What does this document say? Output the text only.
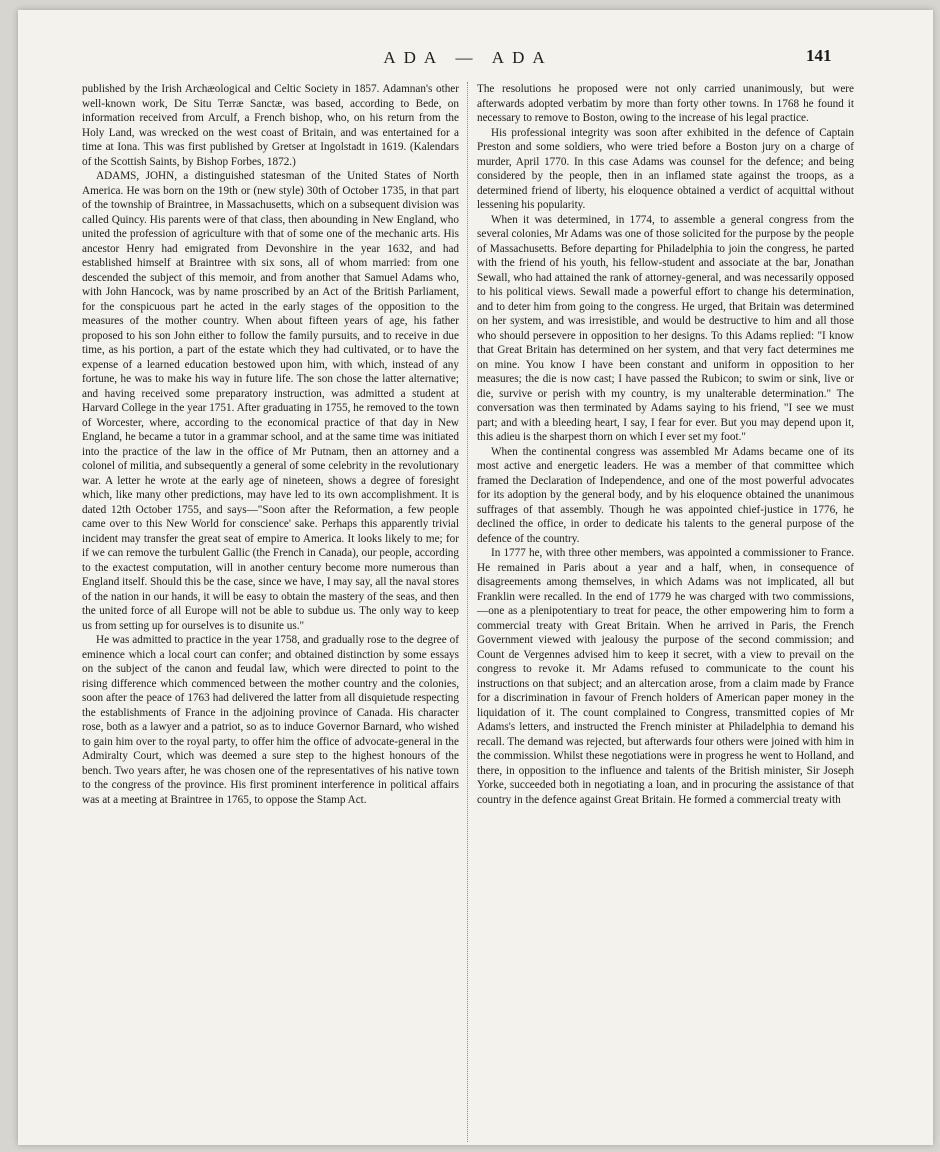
ADA — ADA	141

published by the Irish Archæological and Celtic Society in 1857. Adamnan's other well-known work, De Situ Terræ Sanctæ, was based, according to Bede, on information received from Arculf, a French bishop, who, on his return from the Holy Land, was wrecked on the west coast of Britain, and was entertained for a time at Iona. This was first published by Gretser at Ingolstadt in 1619. (Kalendars of the Scottish Saints, by Bishop Forbes, 1872.)

ADAMS, JOHN, a distinguished statesman of the United States of North America. He was born on the 19th or (new style) 30th of October 1735, in that part of the township of Braintree, in Massachusetts, which on a subsequent division was called Quincy. His parents were of that class, then abounding in New England, who united the profession of agriculture with that of some one of the mechanic arts. His ancestor Henry had emigrated from Devonshire in the year 1632, and had established himself at Braintree with six sons, all of whom married: from one descended the subject of this memoir, and from another that Samuel Adams who, with John Hancock, was by name proscribed by an Act of the British Parliament, for the conspicuous part he acted in the early stages of the opposition to the measures of the mother country. When about fifteen years of age, his father proposed to his son John either to follow the family pursuits, and to receive in due time, as his portion, a part of the estate which they had cultivated, or to have the expense of a learned education bestowed upon him, with which, instead of any fortune, he was to make his way in future life. The son chose the latter alternative; and having received some preparatory instruction, was admitted a student at Harvard College in the year 1751. After graduating in 1755, he removed to the town of Worcester, where, according to the economical practice of that day in New England, he became a tutor in a grammar school, and at the same time was initiated into the practice of the law in the office of Mr Putnam, then an attorney and a colonel of militia, and subsequently a general of some celebrity in the revolutionary war. A letter he wrote at the early age of nineteen, shows a degree of foresight which, like many other predictions, may have led to its own accomplishment. It is dated 12th October 1755, and says—"Soon after the Reformation, a few people came over to this New World for conscience' sake. Perhaps this apparently trivial incident may transfer the great seat of empire to America. It looks likely to me; for if we can remove the turbulent Gallic (the French in Canada), our people, according to the exactest computation, will in another century become more numerous than England itself. Should this be the case, since we have, I may say, all the naval stores of the nation in our hands, it will be easy to obtain the mastery of the seas, and then the united force of all Europe will not be able to subdue us. The only way to keep us from setting up for ourselves is to disunite us."

He was admitted to practice in the year 1758, and gradually rose to the degree of eminence which a local court can confer; and obtained distinction by some essays on the subject of the canon and feudal law, which were directed to point to the rising difference which commenced between the mother country and the colonies, soon after the peace of 1763 had delivered the latter from all disquietude respecting the establishments of France in the adjoining province of Canada. His character rose, both as a lawyer and a patriot, so as to induce Governor Barnard, who wished to gain him over to the royal party, to offer him the office of advocate-general in the Admiralty Court, which was deemed a sure step to the highest honours of the bench. Two years after, he was chosen one of the representatives of his native town to the congress of the province. His first prominent interference in political affairs was at a meeting at Braintree in 1765, to oppose the Stamp Act.

The resolutions he proposed were not only carried unanimously, but were afterwards adopted verbatim by more than forty other towns. In 1768 he found it necessary to remove to Boston, owing to the increase of his legal practice.

His professional integrity was soon after exhibited in the defence of Captain Preston and some soldiers, who were tried before a Boston jury on a charge of murder, April 1770. In this case Adams was counsel for the defence; and being considered by the people, then in an inflamed state against the troops, as a determined friend of liberty, his eloquence obtained a verdict of acquittal without lessening his popularity.

When it was determined, in 1774, to assemble a general congress from the several colonies, Mr Adams was one of those solicited for the purpose by the people of Massachusetts. Before departing for Philadelphia to join the congress, he parted with the friend of his youth, his fellow-student and associate at the bar, Jonathan Sewall, who had attained the rank of attorney-general, and was necessarily opposed to his political views. Sewall made a powerful effort to change his determination, and to deter him from going to the congress. He urged, that Britain was determined on her system, and was irresistible, and would be destructive to him and all those who should persevere in opposition to her designs. To this Adams replied: "I know that Great Britain has determined on her system, and that very fact determines me on mine. You know I have been constant and uniform in opposition to her measures; the die is now cast; I have passed the Rubicon; to swim or sink, live or die, survive or perish with my country, is my unalterable determination." The conversation was then terminated by Adams saying to his friend, "I see we must part; and with a bleeding heart, I say, I fear for ever. But you may depend upon it, this adieu is the sharpest thorn on which I ever set my foot."

When the continental congress was assembled Mr Adams became one of its most active and energetic leaders. He was a member of that committee which framed the Declaration of Independence, and one of the most powerful advocates for its adoption by the general body, and by his eloquence obtained the unanimous suffrages of that assembly. Though he was appointed chief-justice in 1776, he declined the office, in order to dedicate his talents to the general purpose of the defence of the country.

In 1777 he, with three other members, was appointed a commissioner to France. He remained in Paris about a year and a half, when, in consequence of disagreements among themselves, in which Adams was not implicated, all but Franklin were recalled. In the end of 1779 he was charged with two commissions,—one as a plenipotentiary to treat for peace, the other empowering him to form a commercial treaty with Great Britain. When he arrived in Paris, the French Government viewed with jealousy the purpose of the second commission; and Count de Vergennes advised him to keep it secret, with a view to prevail on the congress to revoke it. Mr Adams refused to communicate to the count his instructions on that subject; and an altercation arose, from a claim made by France for a discrimination in favour of French holders of American paper money in the liquidation of it. The count complained to Congress, transmitted copies of Mr Adams's letters, and instructed the French minister at Philadelphia to demand his recall. The demand was rejected, but afterwards four others were joined with him in the commission. Whilst these negotiations were in progress he went to Holland, and there, in opposition to the influence and talents of the British minister, Sir Joseph Yorke, succeeded both in negotiating a loan, and in procuring the assistance of that country in the defence against Great Britain. He formed a commercial treaty with
